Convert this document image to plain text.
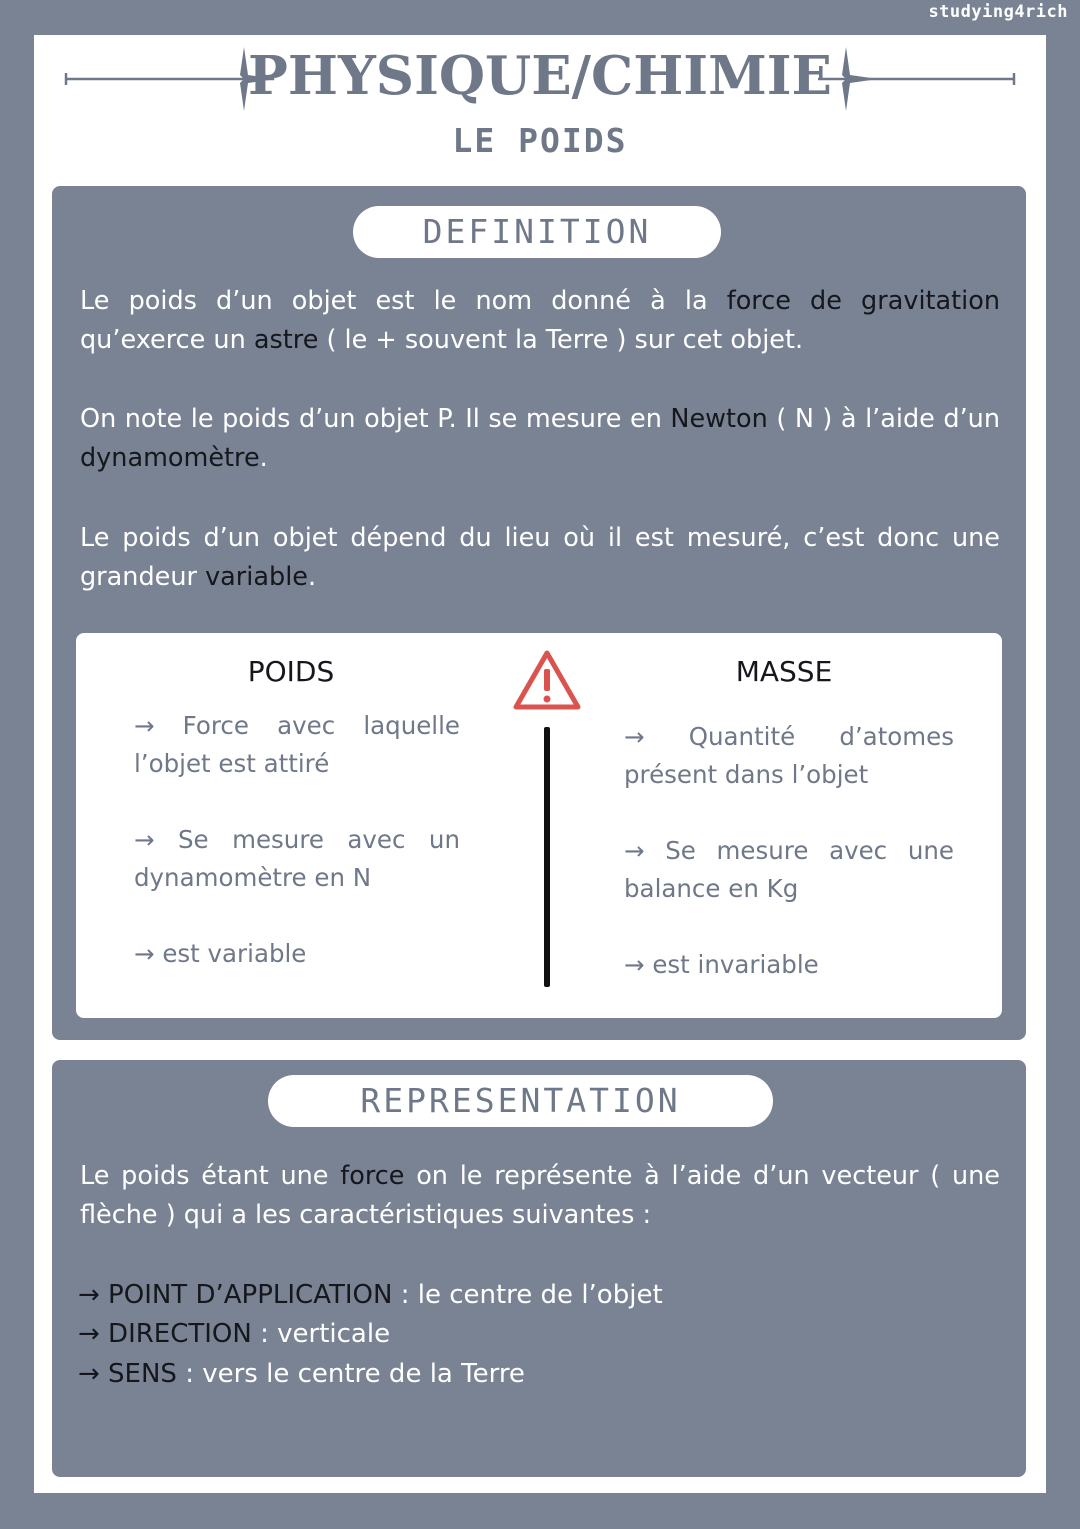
studying4rich
PHYSIQUE/CHIMIE
LE POIDS
DEFINITION
Le poids d’un objet est le nom donné à la force de gravitation qu’exerce un astre ( le + souvent la Terre ) sur cet objet.
On note le poids d’un objet P. Il se mesure en Newton ( N ) à l’aide d’un dynamomètre.
Le poids d’un objet dépend du lieu où il est mesuré, c’est donc une grandeur variable.
POIDS
→ Force avec laquelle l’objet est attiré
→ Se mesure avec un dynamomètre en N
→ est variable
MASSE
→ Quantité d’atomes présent dans l’objet
→ Se mesure avec une balance en Kg
→ est invariable
REPRESENTATION
Le poids étant une force on le représente à l’aide d’un vecteur ( une flèche ) qui a les caractéristiques suivantes :
→ POINT D’APPLICATION : le centre de l’objet
→ DIRECTION : verticale
→ SENS : vers le centre de la Terre
